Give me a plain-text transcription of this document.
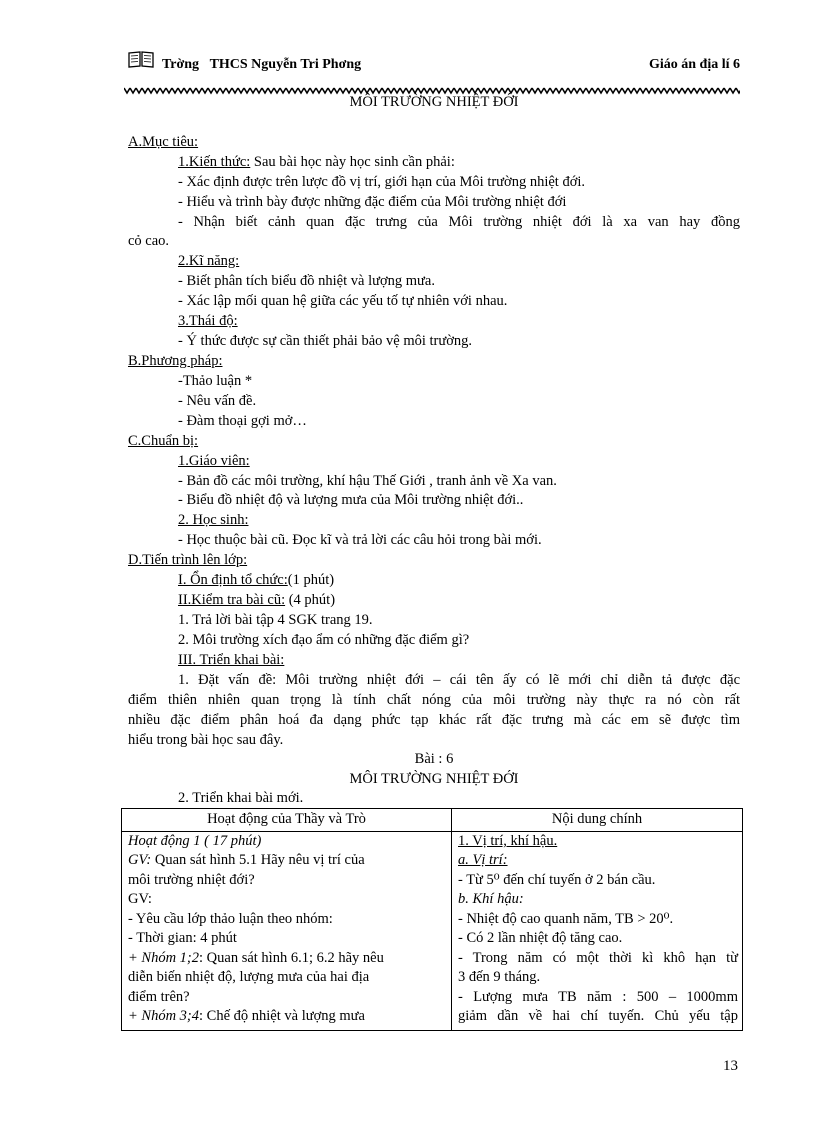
Trờng THCS Nguyễn Tri Phơng	Giáo án địa lí 6
MÔI TRƯỜNG NHIỆT ĐỚI
A.Mục tiêu:
1.Kiến thức: Sau bài học này học sinh cần phải:
- Xác định được trên lược đồ vị trí, giới hạn của Môi trường nhiệt đới.
- Hiểu và trình bày được những đặc điểm của Môi trường nhiệt đới
- Nhận biết cảnh quan đặc trưng của Môi trường nhiệt đới là xa van hay đồng
cỏ cao.
2.Kĩ năng:
- Biết phân tích biểu đồ nhiệt và lượng mưa.
- Xác lập mối quan hệ giữa các yếu tố tự nhiên với nhau.
3.Thái độ:
- Ý thức được sự cần thiết phải bảo vệ môi trường.
B.Phương pháp:
-Thảo luận *
- Nêu vấn đề.
- Đàm thoại gợi mở…
C.Chuẩn bị:
1.Giáo viên:
- Bản đồ các môi trường, khí hậu Thế Giới , tranh ảnh về Xa van.
- Biểu đồ nhiệt độ và lượng mưa của Môi trường nhiệt đới..
2. Học sinh:
- Học thuộc bài cũ. Đọc kĩ và trả lời các câu hỏi trong bài mới.
D.Tiến trình lên lớp:
I. Ổn định tổ chức:(1 phút)
II.Kiểm tra bài cũ: (4 phút)
1. Trả lời bài tập 4 SGK trang 19.
2. Môi trường xích đạo ẩm có những đặc điểm gì?
III. Triển khai bài:
1. Đặt vấn đề: Môi trường nhiệt đới – cái tên ấy có lẽ mới chỉ diễn tả được đặc
điểm thiên nhiên quan trọng là tính chất nóng của môi trường này thực ra nó còn rất
nhiều đặc điểm phân hoá đa dạng phức tạp khác rất đặc trưng mà các em sẽ được tìm
hiểu trong bài học sau đây.
Bài : 6
MÔI TRƯỜNG NHIỆT ĐỚI
2. Triển khai bài mới.
Hoạt động của Thầy và Trò	Nội dung chính
Hoạt động 1 ( 17 phút)
GV: Quan sát hình 5.1 Hãy nêu vị trí của
môi trường nhiệt đới?
GV:
- Yêu cầu lớp thảo luận theo nhóm:
- Thời gian: 4 phút
+ Nhóm 1;2: Quan sát hình 6.1; 6.2 hãy nêu
diễn biến nhiệt độ, lượng mưa của hai địa
điểm trên?
+ Nhóm 3;4: Chế độ nhiệt và lượng mưa
1. Vị trí, khí hậu.
a. Vị trí:
- Từ 5⁰ đến chí tuyến ở 2 bán cầu.
b. Khí hậu:
- Nhiệt độ cao quanh năm, TB > 20⁰.
- Có 2 lần nhiệt độ tăng cao.
- Trong năm có một thời kì khô hạn từ
3 đến 9 tháng.
- Lượng mưa TB năm : 500 – 1000mm
giảm dần về hai chí tuyến. Chủ yếu tập
13
